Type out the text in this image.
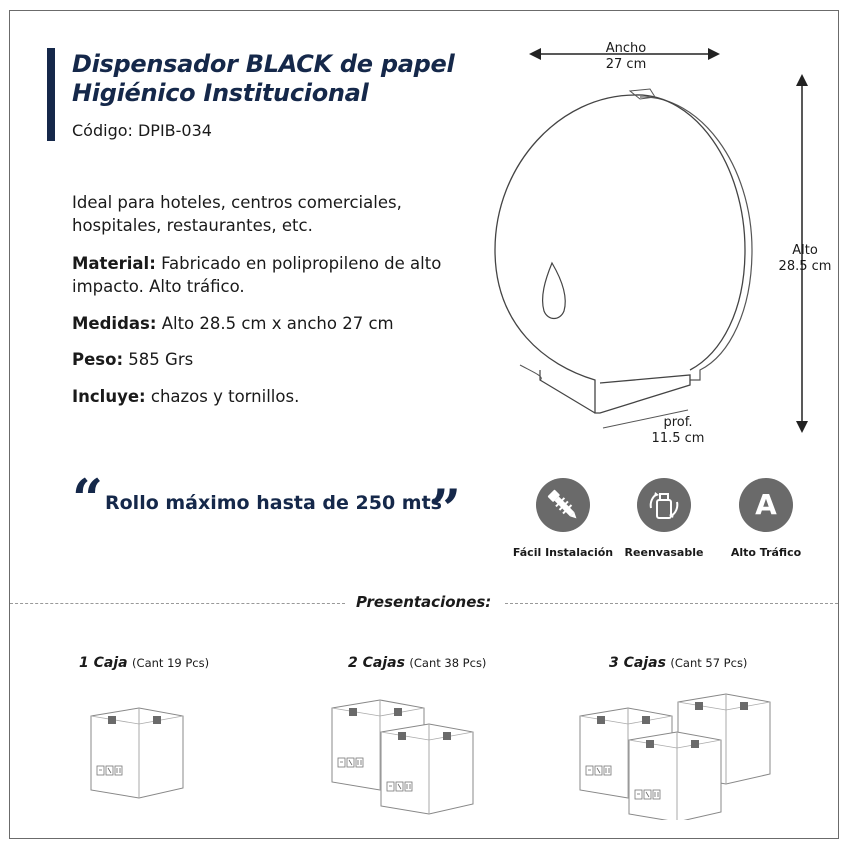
Dispensador BLACK de papel
Higiénico Institucional
Código: DPIB-034
Ideal para hoteles, centros comerciales, hospitales, restaurantes, etc.
Material: Fabricado en polipropileno de alto impacto. Alto tráfico.
Medidas: Alto 28.5 cm x ancho 27 cm
Peso: 585 Grs
Incluye: chazos y tornillos.
“ Rollo máximo hasta de 250 mts
”
Ancho
27 cm
Alto
28.5 cm
prof.
11.5 cm
Fácil Instalación	Reenvasable
A
Alto Tráfico
Presentaciones:
1 Caja (Cant 19 Pcs)	2 Cajas (Cant 38 Pcs)	3 Cajas (Cant 57 Pcs)
